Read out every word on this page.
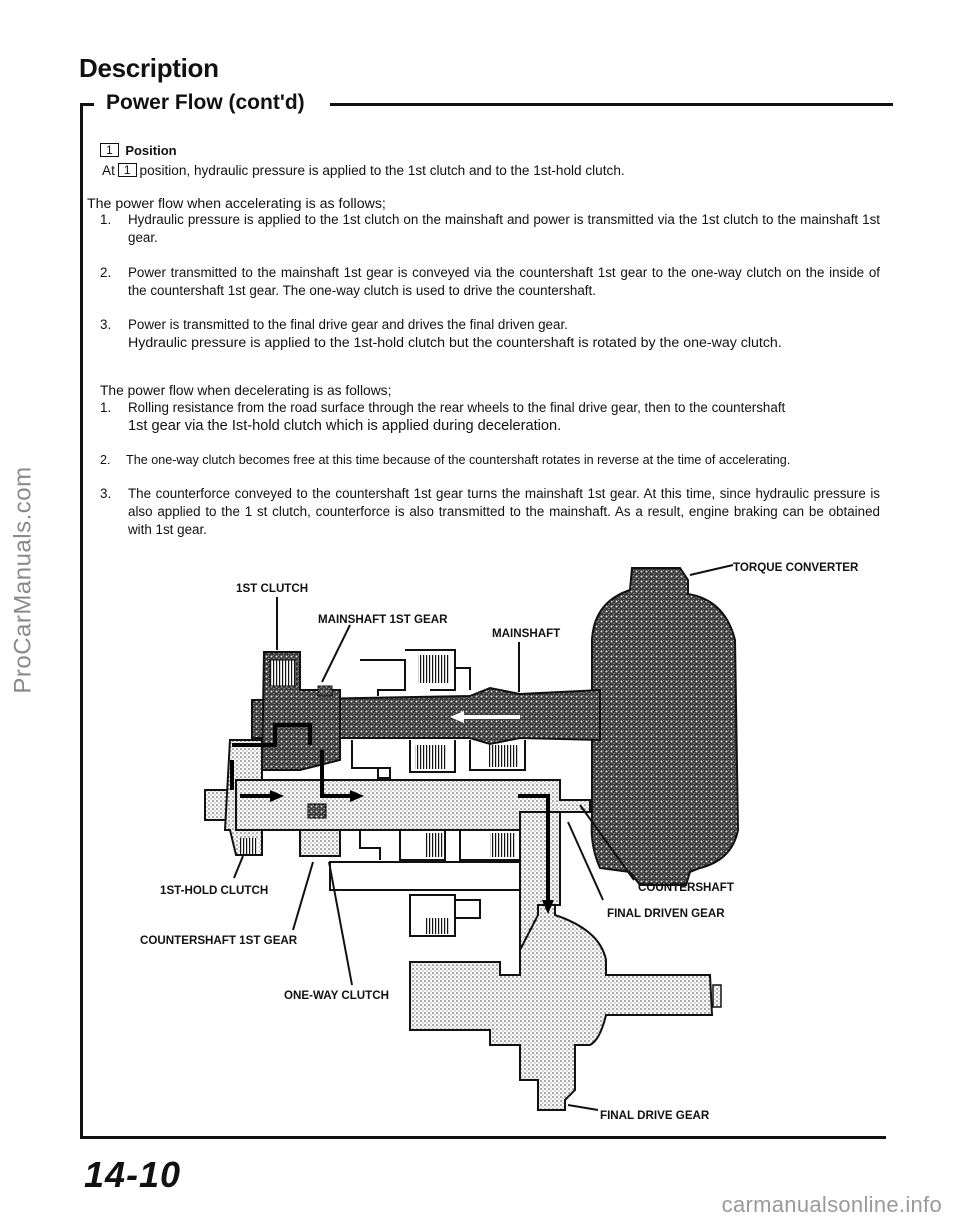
ProCarManuals.com
carmanualsonline.info
Description
Power Flow (cont'd)
1 Position
At 1 position, hydraulic pressure is applied to the 1st clutch and to the 1st-hold clutch.
The power flow when accelerating is as follows;
1. Hydraulic pressure is applied to the 1st clutch on the mainshaft and power is transmitted via the 1st clutch to the mainshaft 1st gear.
2. Power transmitted to the mainshaft 1st gear is conveyed via the countershaft 1st gear to the one-way clutch on the inside of the countershaft 1st gear. The one-way clutch is used to drive the countershaft.
3. Power is transmitted to the final drive gear and drives the final driven gear.
Hydraulic pressure is applied to the 1st-hold clutch but the countershaft is rotated by the one-way clutch.
The power flow when decelerating is as follows;
1. Rolling resistance from the road surface through the rear wheels to the final drive gear, then to the countershaft
1st gear via the Ist-hold clutch which is applied during deceleration.
2. The one-way clutch becomes free at this time because of the countershaft rotates in reverse at the time of accelerating.
3. The counterforce conveyed to the countershaft 1st gear turns the mainshaft 1st gear. At this time, since hydraulic pressure is also applied to the 1 st clutch, counterforce is also transmitted to the mainshaft. As a result, engine braking can be obtained with 1st gear.
TORQUE CONVERTER
1ST CLUTCH
MAINSHAFT 1ST GEAR
MAINSHAFT
1ST-HOLD CLUTCH	COUNTERSHAFT
FINAL DRIVEN GEAR
COUNTERSHAFT 1ST GEAR
ONE-WAY CLUTCH
FINAL DRIVE GEAR
14-10
